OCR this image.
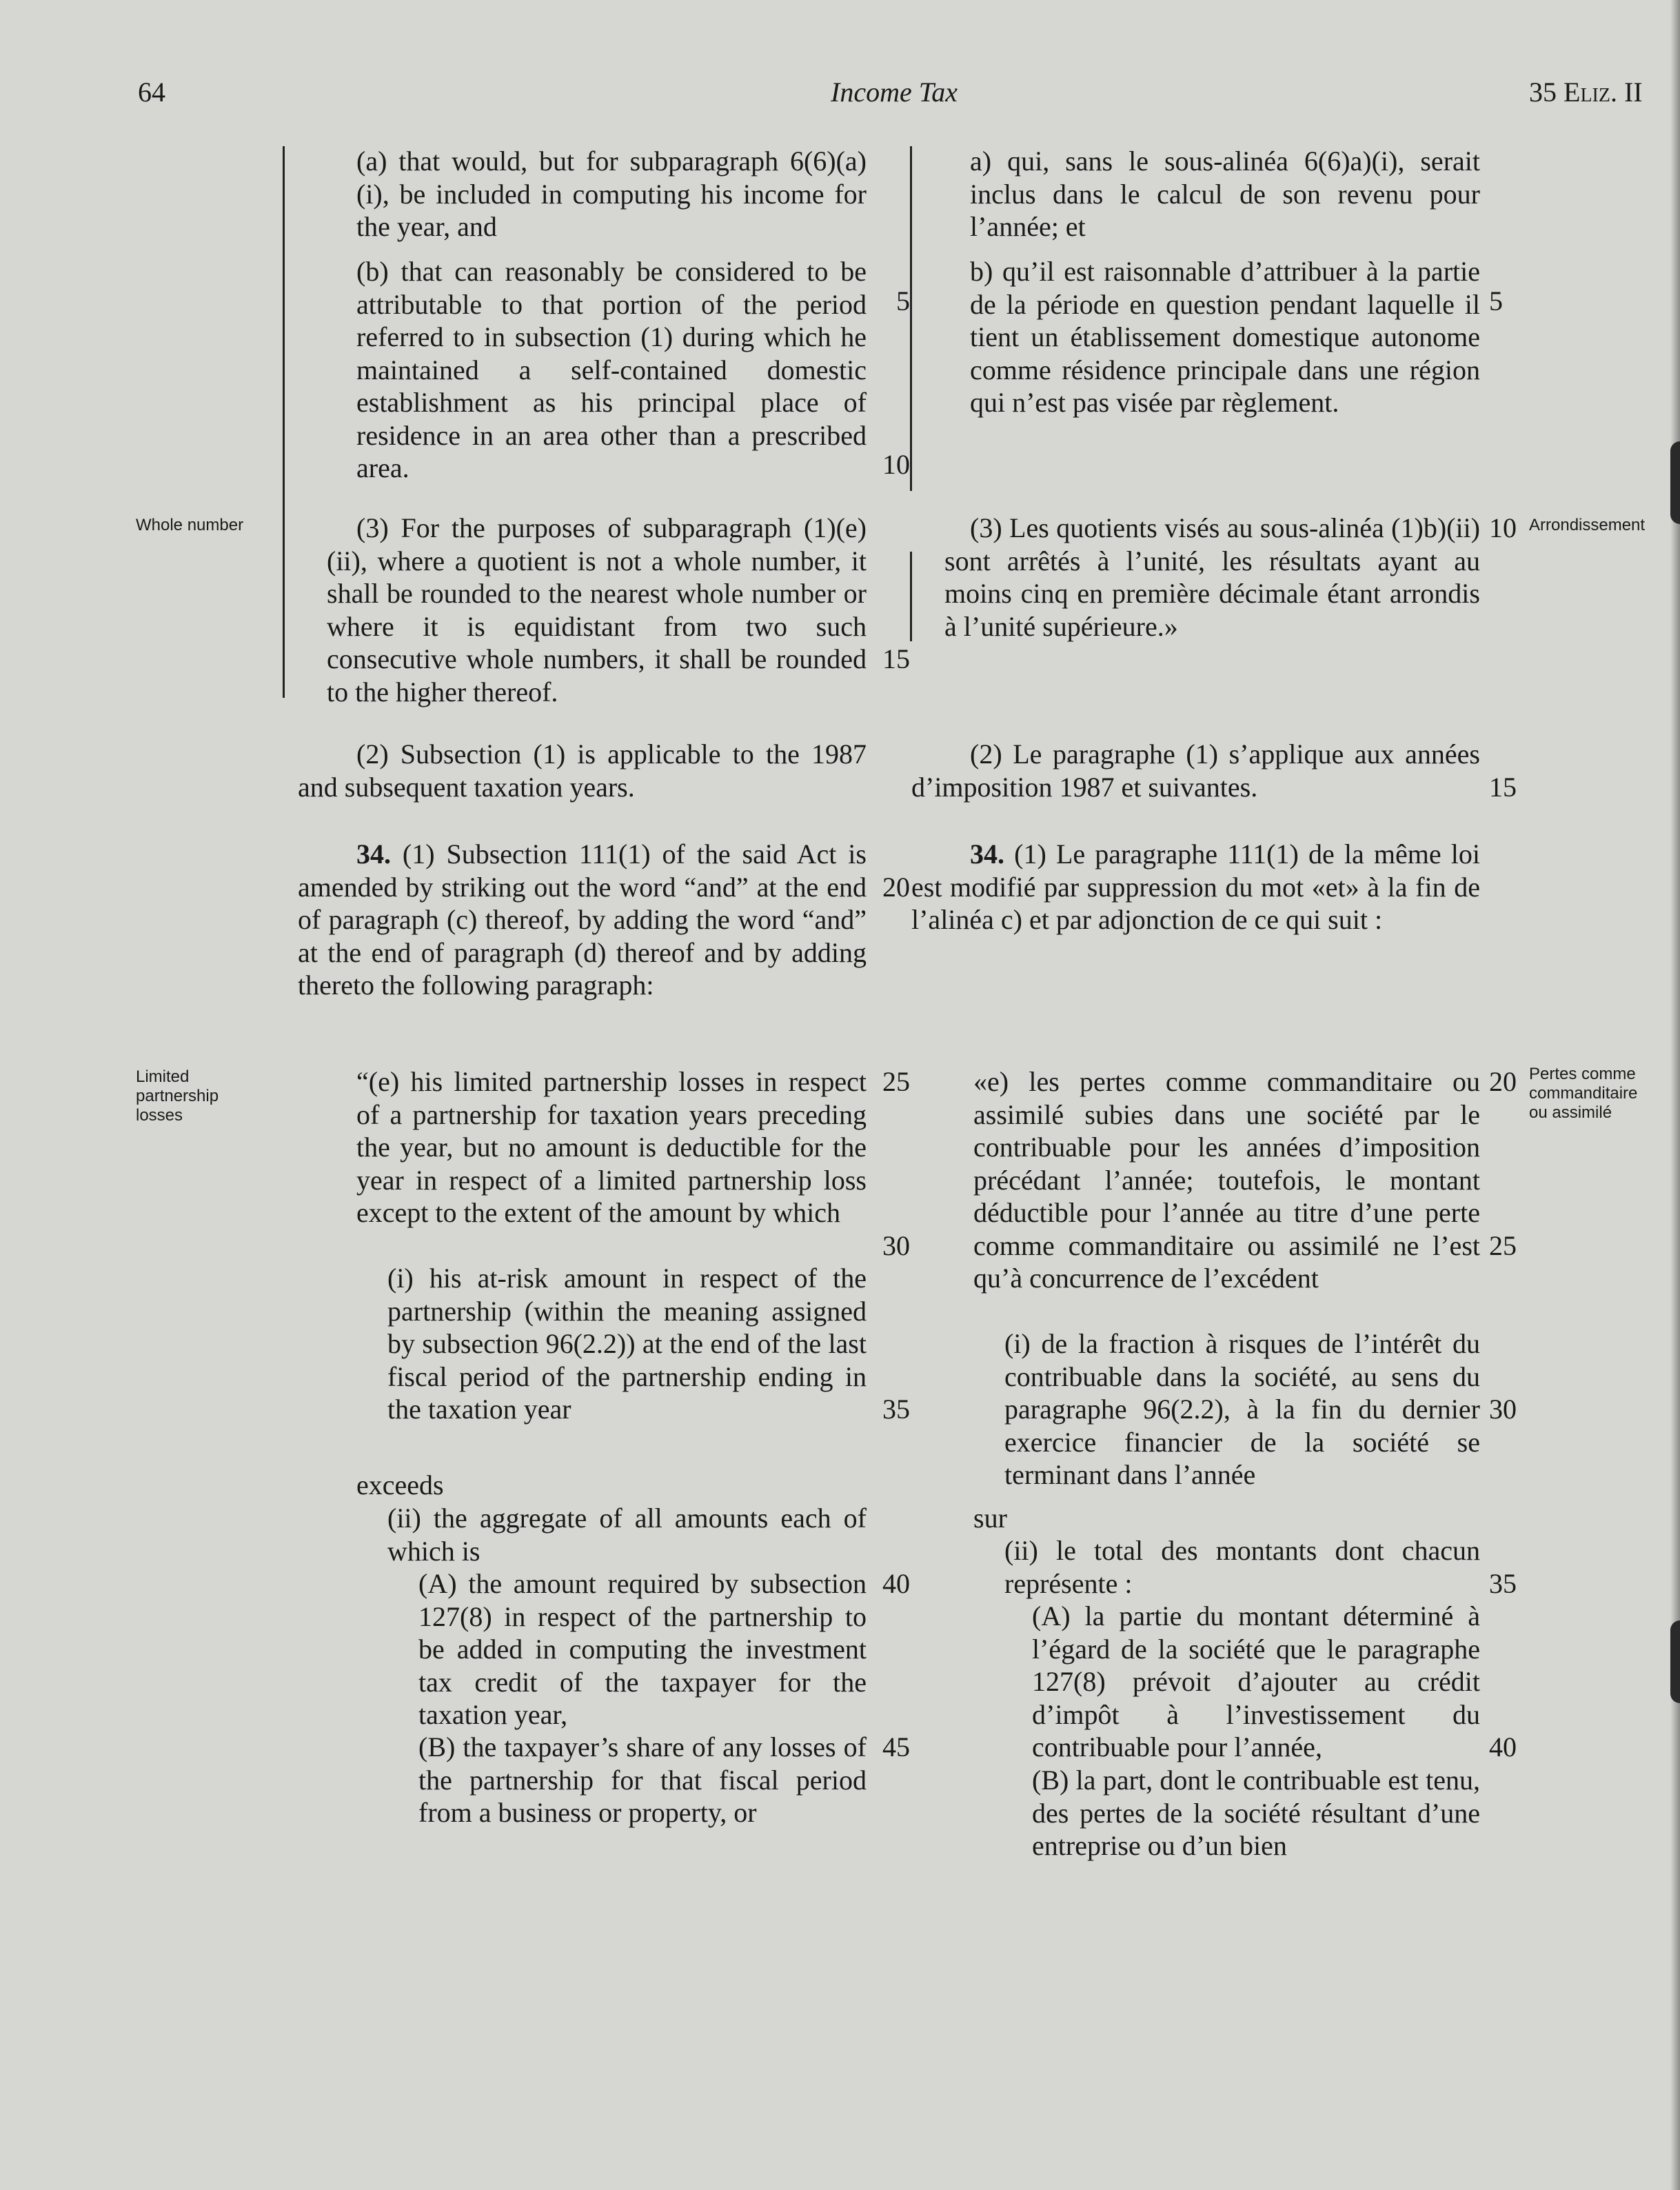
64	Income Tax	35 Eliz. II
Whole number	Arrondissement
Limited
partnership
losses
Pertes comme
commanditaire
ou assimilé

(a) that would, but for subparagraph 6(6)(a)(i), be included in computing his income for the year, and

(b) that can reasonably be considered to be attributable to that portion of the period referred to in subsection (1) during which he maintained a self-contained domestic establishment as his principal place of residence in an area other than a prescribed area.

(3) For the purposes of subparagraph (1)(e)(ii), where a quotient is not a whole number, it shall be rounded to the nearest whole number or where it is equidistant from two such consecutive whole numbers, it shall be rounded to the higher thereof.

(2) Subsection (1) is applicable to the 1987 and subsequent taxation years.

34. (1) Subsection 111(1) of the said Act is amended by striking out the word “and” at the end of paragraph (c) thereof, by adding the word “and” at the end of paragraph (d) thereof and by adding thereto the following paragraph:

“(e) his limited partnership losses in respect of a partnership for taxation years preceding the year, but no amount is deductible for the year in respect of a limited partnership loss except to the extent of the amount by which

(i) his at-risk amount in respect of the partnership (within the meaning assigned by subsection 96(2.2)) at the end of the last fiscal period of the partnership ending in the taxation year

exceeds

(ii) the aggregate of all amounts each of which is

(A) the amount required by subsection 127(8) in respect of the partnership to be added in computing the investment tax credit of the taxpayer for the taxation year,

(B) the taxpayer’s share of any losses of the partnership for that fiscal period from a business or property, or

5
10
15
20
25
30
35
40
45

a) qui, sans le sous-alinéa 6(6)a)(i), serait inclus dans le calcul de son revenu pour l’année; et

b) qu’il est raisonnable d’attribuer à la partie de la période en question pendant laquelle il tient un établissement domestique autonome comme résidence principale dans une région qui n’est pas visée par règlement.

(3) Les quotients visés au sous-alinéa (1)b)(ii) sont arrêtés à l’unité, les résultats ayant au moins cinq en première décimale étant arrondis à l’unité supérieure.»

(2) Le paragraphe (1) s’applique aux années d’imposition 1987 et suivantes.

34. (1) Le paragraphe 111(1) de la même loi est modifié par suppression du mot «et» à la fin de l’alinéa c) et par adjonction de ce qui suit :

«e) les pertes comme commanditaire ou assimilé subies dans une société par le contribuable pour les années d’imposition précédant l’année; toutefois, le montant déductible pour l’année au titre d’une perte comme commanditaire ou assimilé ne l’est qu’à concurrence de l’excédent

(i) de la fraction à risques de l’intérêt du contribuable dans la société, au sens du paragraphe 96(2.2), à la fin du dernier exercice financier de la société se terminant dans l’année

sur

(ii) le total des montants dont chacun représente :

(A) la partie du montant déterminé à l’égard de la société que le paragraphe 127(8) prévoit d’ajouter au crédit d’impôt à l’investissement du contribuable pour l’année,

(B) la part, dont le contribuable est tenu, des pertes de la société résultant d’une entreprise ou d’un bien

5
10
15
20
25
30
35
40
